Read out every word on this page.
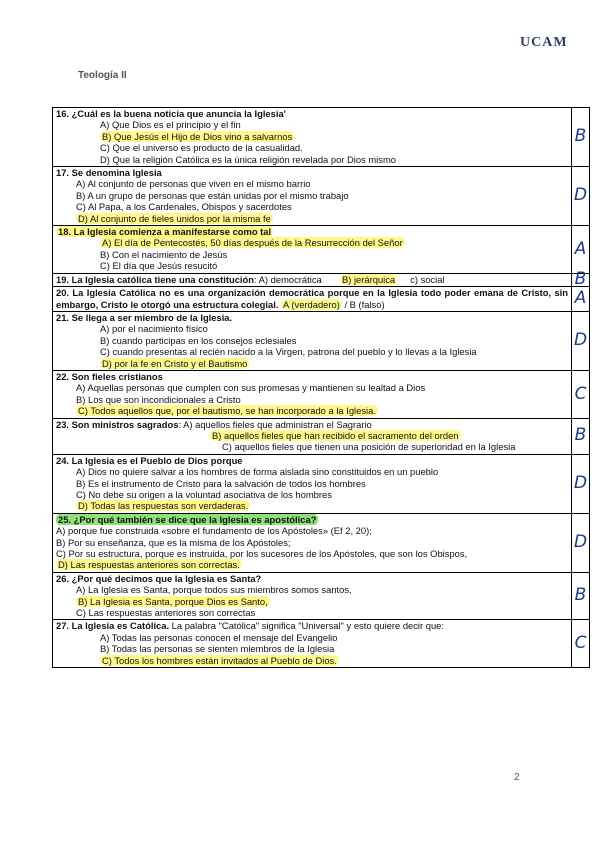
UCAM
Teología II
16. ¿Cuál es la buena noticia que anuncia la Iglesia'
A) Que Dios es el principio y el fin
B) Que Jesús el Hijo de Dios vino a salvarnos
C) Que el universo es producto de la casualidad.
D) Que la religión Católica es la única religión revelada por Dios mismo	B

17. Se denomina Iglesia
A) Al conjunto de personas que viven en el mismo barrio
B) A un grupo de personas que están unidas por el mismo trabajo
C) Al Papa, a los Cardenales, Obispos y sacerdotes
D) Al conjunto de fieles unidos por la misma fe	D

18. La Iglesia comienza a manifestarse como tal
A) El día de Pentecostés, 50 días después de la Resurrección del Señor
B) Con el nacimiento de Jesús
C) El día que Jesús resucitó	A

19. La Iglesia católica tiene una constitución: A) democrática B) jerárquica c) social	B
20. La Iglesia Católica no es una organización democrática porque en la Iglesia todo poder emana de Cristo, sin embargo, Cristo le otorgó una estructura colegial. A (verdadero) / B (falso)	A

21. Se llega a ser miembro de la Iglesia.
A) por el nacimiento físico
B) cuando participas en los consejos eclesiales
C) cuando presentas al recién nacido a la Virgen, patrona del pueblo y lo llevas a la Iglesia
D) por la fe en Cristo y el Bautismo	D

22. Son fieles cristianos
A) Aquellas personas que cumplen con sus promesas y mantienen su lealtad a Dios
B) Los que son incondicionales a Cristo
C) Todos aquellos que, por el bautismo, se han incorporado a la Iglesia.	C

23. Son ministros sagrados: A) aquellos fieles que administran el Sagrario
B) aquellos fieles que han recibido el sacramento del orden
C) aquellos fieles que tienen una posición de superioridad en la Iglesia	B

24. La Iglesia es el Pueblo de Dios porque
A) Dios no quiere salvar a los hombres de forma aislada sino constituidos en un pueblo
B) Es el instrumento de Cristo para la salvación de todos los hombres
C) No debe su origen a la voluntad asociativa de los hombres
D) Todas las respuestas son verdaderas.	D

25. ¿Por qué también se dice que la Iglesia es apostólica?
A) porque fue construida «sobre el fundamento de los Apóstoles» (Ef 2, 20);
B) Por su enseñanza, que es la misma de los Apóstoles;
C) Por su estructura, porque es instruida, por los sucesores de los Apóstoles, que son los Obispos,
D) Las respuestas anteriores son correctas.	D

26. ¿Por qué decimos que la Iglesia es Santa?
A) La Iglesia es Santa, porque todos sus miembros somos santos,
B) La Iglesia es Santa, porque Dios es Santo,
C) Las respuestas anteriores son correctas	B

27. La Iglesia es Católica. La palabra "Católica" significa "Universal" y esto quiere decir que:
A) Todas las personas conocen el mensaje del Evangelio
B) Todas las personas se sienten miembros de la Iglesia
C) Todos los hombres están invitados al Pueblo de Dios.	C
2
